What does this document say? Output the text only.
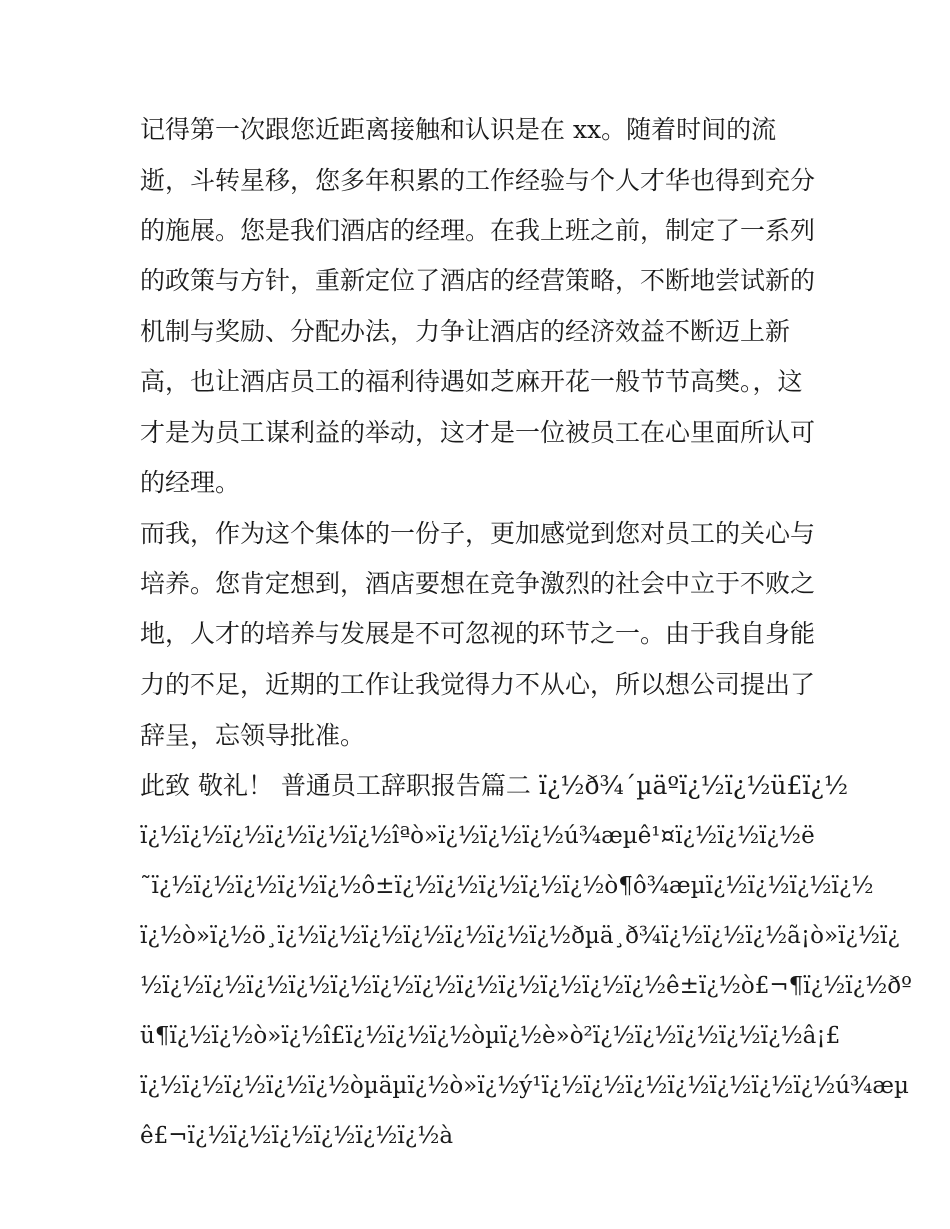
记得第一次跟您近距离接触和认识是在 xx。随着时间的流
逝，斗转星移，您多年积累的工作经验与个人才华也得到充分
的施展。您是我们酒店的经理。在我上班之前，制定了一系列
的政策与方针，重新定位了酒店的经营策略，不断地尝试新的
机制与奖励、分配办法，力争让酒店的经济效益不断迈上新
高，也让酒店员工的福利待遇如芝麻开花一般节节高樊。，这
才是为员工谋利益的举动，这才是一位被员工在心里面所认可
的经理。
而我，作为这个集体的一份子，更加感觉到您对员工的关心与
培养。您肯定想到，酒店要想在竞争激烈的社会中立于不败之
地，人才的培养与发展是不可忽视的环节之一。由于我自身能
力的不足，近期的工作让我觉得力不从心，所以想公司提出了
辞呈，忘领导批准。
此致 敬礼！ 普通员工辞职报告篇二 ï¿½ð¾´µäºï¿½ï¿½ü£ï¿½
ï¿½ï¿½ï¿½ï¿½ï¿½ï¿½îªò»ï¿½ï¿½ï¿½ú¾æµê¹¤ï¿½ï¿½ï¿½ë
˜ï¿½ï¿½ï¿½ï¿½ï¿½ô±ï¿½ï¿½ï¿½ï¿½ï¿½ò¶ô¾æµï¿½ï¿½ï¿½ï¿½
ï¿½ò»ï¿½ö¸ï¿½ï¿½ï¿½ï¿½ï¿½ï¿½ï¿½ðµä¸ð¾ï¿½ï¿½ï¿½ã¡ò»ï¿½ï¿
½ï¿½ï¿½ï¿½ï¿½ï¿½ï¿½ï¿½ï¿½ï¿½ï¿½ï¿½ï¿½ê±ï¿½ò£¬¶ï¿½ï¿½ðº
ü¶ï¿½ï¿½ò»ï¿½î£ï¿½ï¿½ï¿½òµï¿½è»ò²ï¿½ï¿½ï¿½ï¿½ï¿½â¡£
ï¿½ï¿½ï¿½ï¿½ï¿½òµäµï¿½ò»ï¿½ý¹ï¿½ï¿½ï¿½ï¿½ï¿½ï¿½ï¿½ú¾æµ
ê£¬ï¿½ï¿½ï¿½ï¿½ï¿½ï¿½à
